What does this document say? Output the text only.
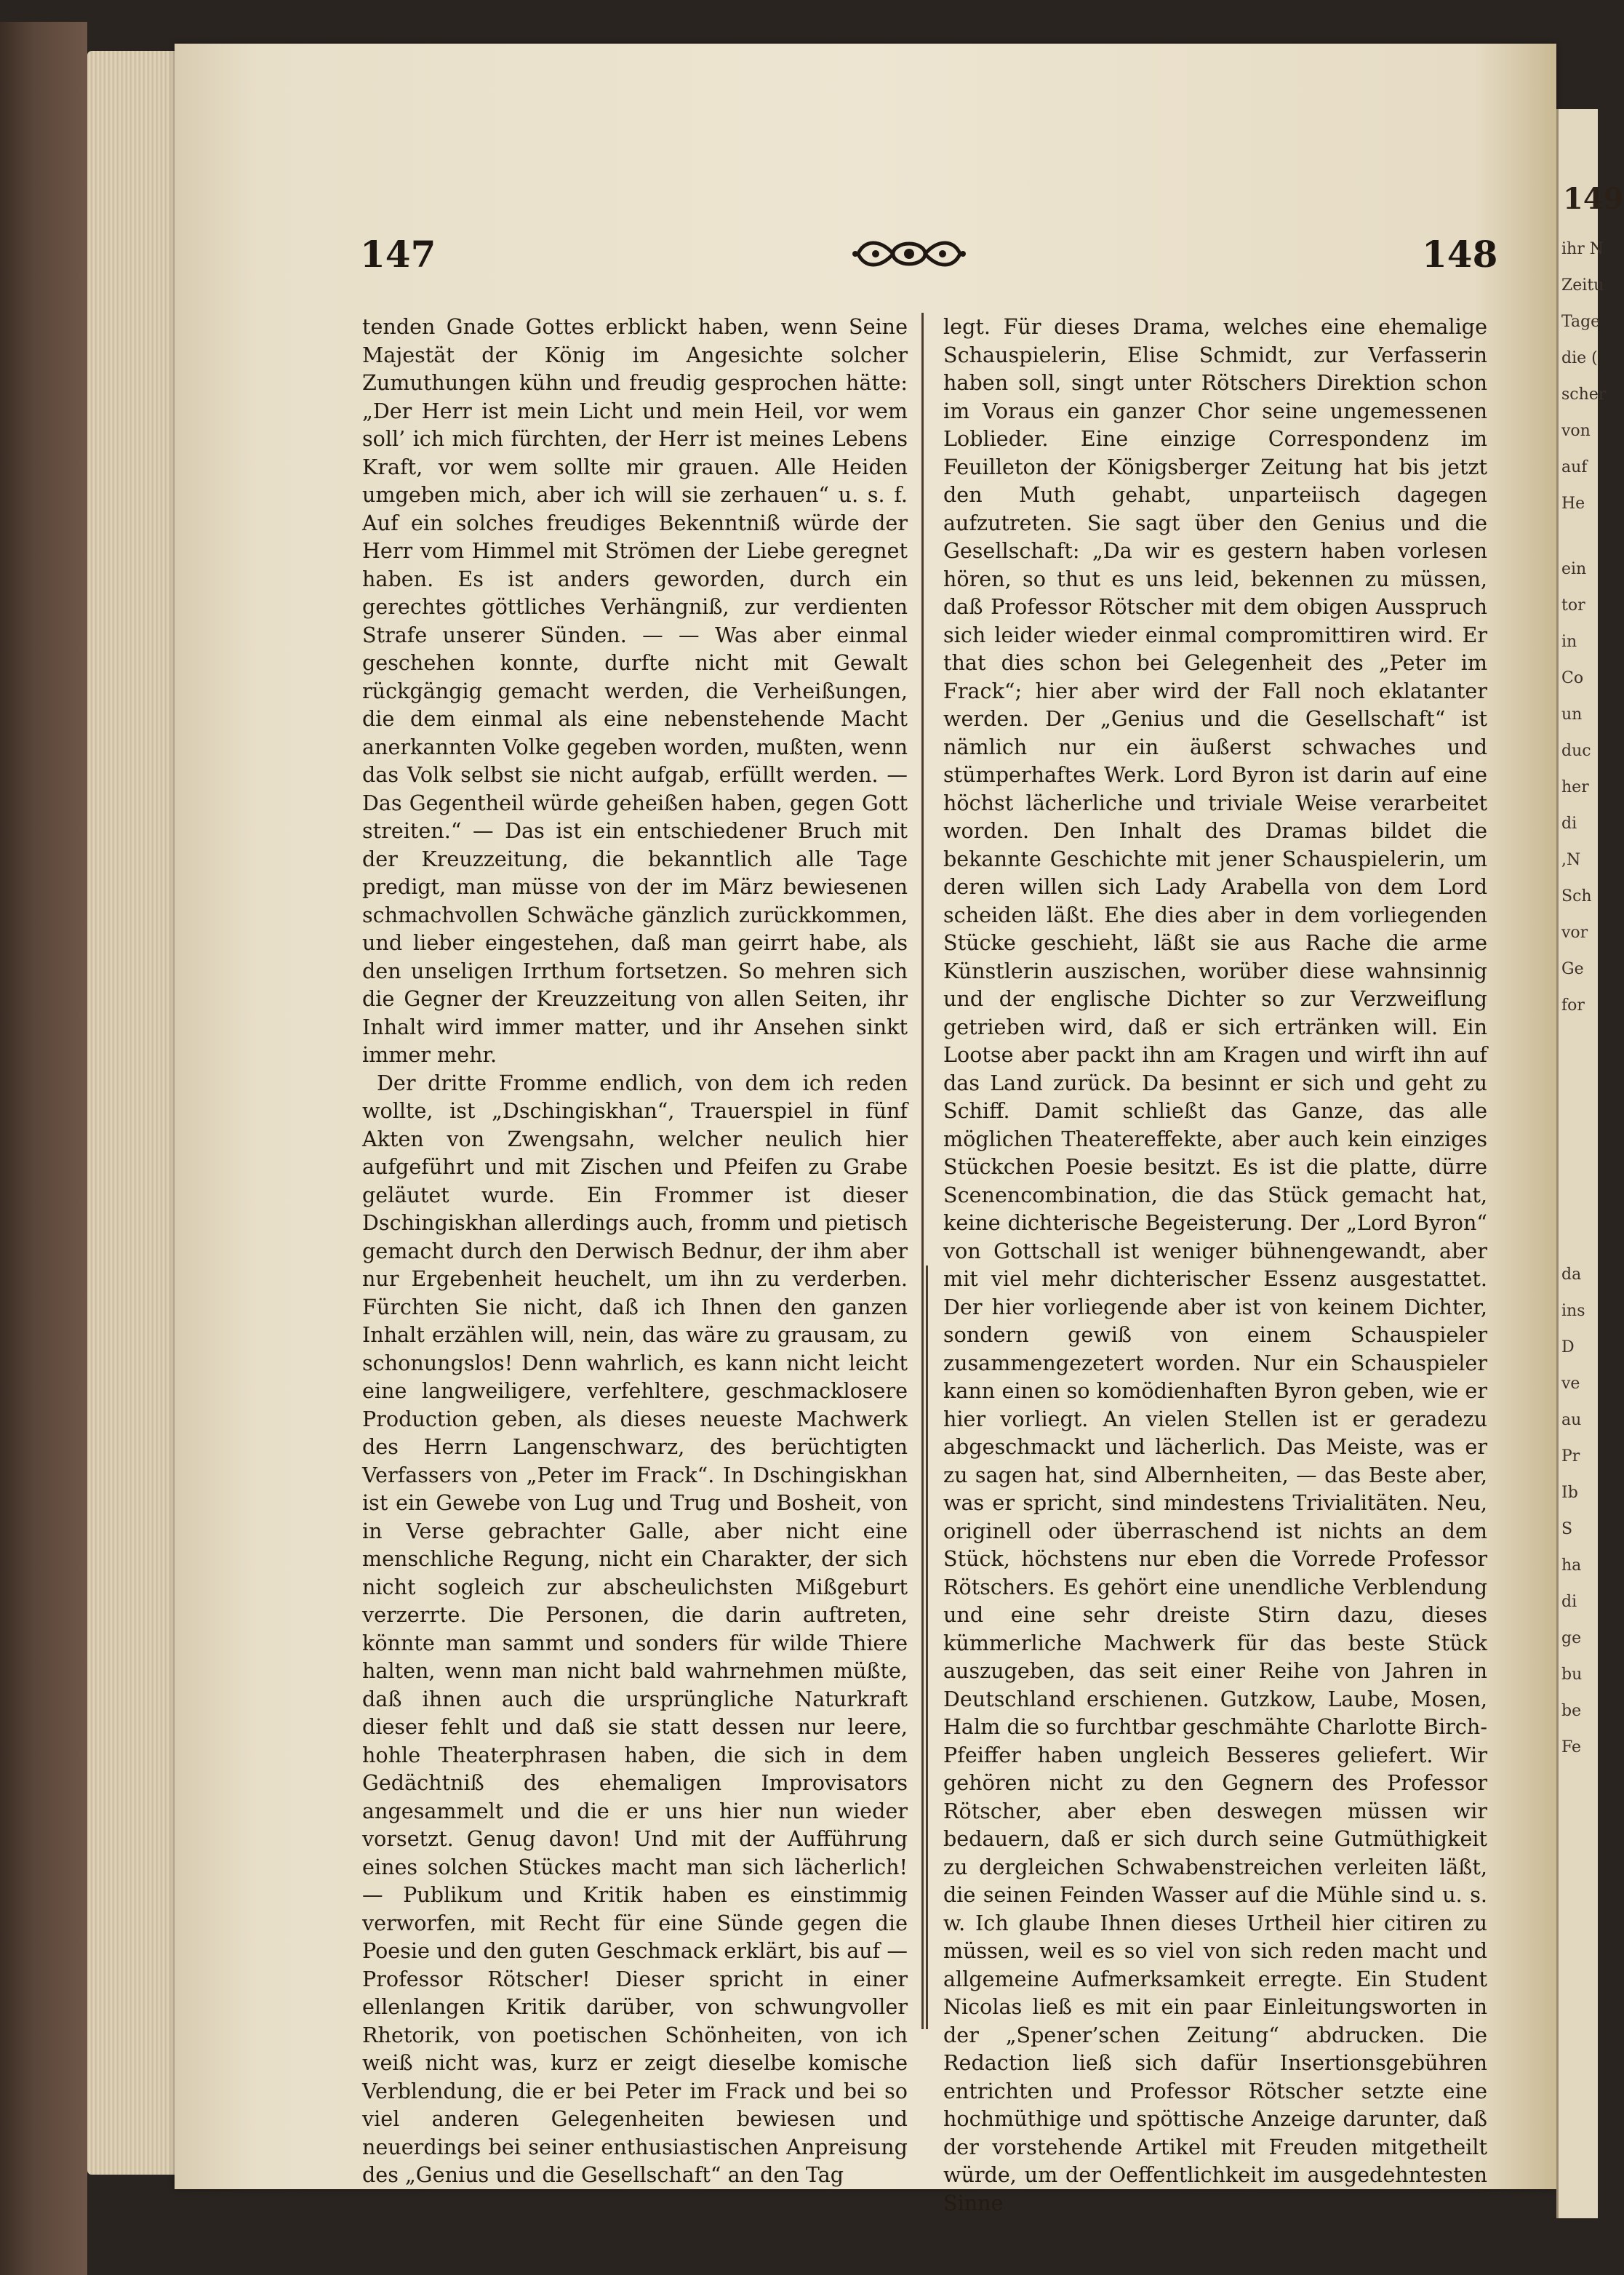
149
ihr N
Zeitu
Tage
die (
scher
von
auf
He
ein
tor
in
Co
un
duc
her
di
,N
Sch
vor
Ge
for
da
ins
D
ve
au
Pr
Ib
S
ha
di
ge
bu
be
Fe
147	148

tenden Gnade Gottes erblickt haben, wenn Seine Majestät der König im Angesichte solcher Zumuthungen kühn und freudig gesprochen hätte: „Der Herr ist mein Licht und mein Heil, vor wem soll’ ich mich fürchten, der Herr ist meines Lebens Kraft, vor wem sollte mir grauen. Alle Heiden umgeben mich, aber ich will sie zerhauen“ u. s. f. Auf ein solches freudiges Bekenntniß würde der Herr vom Himmel mit Strömen der Liebe geregnet haben. Es ist anders geworden, durch ein gerechtes göttliches Verhängniß, zur verdienten Strafe unserer Sünden. — — Was aber einmal geschehen konnte, durfte nicht mit Gewalt rückgängig gemacht werden, die Verheißungen, die dem einmal als eine nebenstehende Macht anerkannten Volke gegeben worden, mußten, wenn das Volk selbst sie nicht aufgab, erfüllt werden. — Das Gegentheil würde geheißen haben, gegen Gott streiten.“ — Das ist ein entschiedener Bruch mit der Kreuzzeitung, die bekanntlich alle Tage predigt, man müsse von der im März bewiesenen schmachvollen Schwäche gänzlich zurückkommen, und lieber eingestehen, daß man geirrt habe, als den unseligen Irrthum fortsetzen. So mehren sich die Gegner der Kreuzzeitung von allen Seiten, ihr Inhalt wird immer matter, und ihr Ansehen sinkt immer mehr.

Der dritte Fromme endlich, von dem ich reden wollte, ist „Dschingiskhan“, Trauerspiel in fünf Akten von Zwengsahn, welcher neulich hier aufgeführt und mit Zischen und Pfeifen zu Grabe geläutet wurde. Ein Frommer ist dieser Dschingiskhan allerdings auch, fromm und pietisch gemacht durch den Derwisch Bednur, der ihm aber nur Ergebenheit heuchelt, um ihn zu verderben. Fürchten Sie nicht, daß ich Ihnen den ganzen Inhalt erzählen will, nein, das wäre zu grausam, zu schonungslos! Denn wahrlich, es kann nicht leicht eine langweiligere, verfehltere, geschmacklosere Production geben, als dieses neueste Machwerk des Herrn Langenschwarz, des berüchtigten Verfassers von „Peter im Frack“. In Dschingiskhan ist ein Gewebe von Lug und Trug und Bosheit, von in Verse gebrachter Galle, aber nicht eine menschliche Regung, nicht ein Charakter, der sich nicht sogleich zur abscheulichsten Mißgeburt verzerrte. Die Personen, die darin auftreten, könnte man sammt und sonders für wilde Thiere halten, wenn man nicht bald wahrnehmen müßte, daß ihnen auch die ursprüngliche Naturkraft dieser fehlt und daß sie statt dessen nur leere, hohle Theaterphrasen haben, die sich in dem Gedächtniß des ehemaligen Improvisators angesammelt und die er uns hier nun wieder vorsetzt. Genug davon! Und mit der Aufführung eines solchen Stückes macht man sich lächerlich! — Publikum und Kritik haben es einstimmig verworfen, mit Recht für eine Sünde gegen die Poesie und den guten Geschmack erklärt, bis auf — Professor Rötscher! Dieser spricht in einer ellenlangen Kritik darüber, von schwungvoller Rhetorik, von poetischen Schönheiten, von ich weiß nicht was, kurz er zeigt dieselbe komische Verblendung, die er bei Peter im Frack und bei so viel anderen Gelegenheiten bewiesen und neuerdings bei seiner enthusiastischen Anpreisung des „Genius und die Gesellschaft“ an den Tag

legt. Für dieses Drama, welches eine ehemalige Schauspielerin, Elise Schmidt, zur Verfasserin haben soll, singt unter Rötschers Direktion schon im Voraus ein ganzer Chor seine ungemessenen Loblieder. Eine einzige Correspondenz im Feuilleton der Königsberger Zeitung hat bis jetzt den Muth gehabt, unparteiisch dagegen aufzutreten. Sie sagt über den Genius und die Gesellschaft: „Da wir es gestern haben vorlesen hören, so thut es uns leid, bekennen zu müssen, daß Professor Rötscher mit dem obigen Ausspruch sich leider wieder einmal compromittiren wird. Er that dies schon bei Gelegenheit des „Peter im Frack“; hier aber wird der Fall noch eklatanter werden. Der „Genius und die Gesellschaft“ ist nämlich nur ein äußerst schwaches und stümperhaftes Werk. Lord Byron ist darin auf eine höchst lächerliche und triviale Weise verarbeitet worden. Den Inhalt des Dramas bildet die bekannte Geschichte mit jener Schauspielerin, um deren willen sich Lady Arabella von dem Lord scheiden läßt. Ehe dies aber in dem vorliegenden Stücke geschieht, läßt sie aus Rache die arme Künstlerin auszischen, worüber diese wahnsinnig und der englische Dichter so zur Verzweiflung getrieben wird, daß er sich ertränken will. Ein Lootse aber packt ihn am Kragen und wirft ihn auf das Land zurück. Da besinnt er sich und geht zu Schiff. Damit schließt das Ganze, das alle möglichen Theatereffekte, aber auch kein einziges Stückchen Poesie besitzt. Es ist die platte, dürre Scenencombination, die das Stück gemacht hat, keine dichterische Begeisterung. Der „Lord Byron“ von Gottschall ist weniger bühnengewandt, aber mit viel mehr dichterischer Essenz ausgestattet. Der hier vorliegende aber ist von keinem Dichter, sondern gewiß von einem Schauspieler zusammengezetert worden. Nur ein Schauspieler kann einen so komödienhaften Byron geben, wie er hier vorliegt. An vielen Stellen ist er geradezu abgeschmackt und lächerlich. Das Meiste, was er zu sagen hat, sind Albernheiten, — das Beste aber, was er spricht, sind mindestens Trivialitäten. Neu, originell oder überraschend ist nichts an dem Stück, höchstens nur eben die Vorrede Professor Rötschers. Es gehört eine unendliche Verblendung und eine sehr dreiste Stirn dazu, dieses kümmerliche Machwerk für das beste Stück auszugeben, das seit einer Reihe von Jahren in Deutschland erschienen. Gutzkow, Laube, Mosen, Halm die so furchtbar geschmähte Charlotte Birch-Pfeiffer haben ungleich Besseres geliefert. Wir gehören nicht zu den Gegnern des Professor Rötscher, aber eben deswegen müssen wir bedauern, daß er sich durch seine Gutmüthigkeit zu dergleichen Schwabenstreichen verleiten läßt, die seinen Feinden Wasser auf die Mühle sind u. s. w. Ich glaube Ihnen dieses Urtheil hier citiren zu müssen, weil es so viel von sich reden macht und allgemeine Aufmerksamkeit erregte. Ein Student Nicolas ließ es mit ein paar Einleitungsworten in der „Spener’schen Zeitung“ abdrucken. Die Redaction ließ sich dafür Insertionsgebühren entrichten und Professor Rötscher setzte eine hochmüthige und spöttische Anzeige darunter, daß der vorstehende Artikel mit Freuden mitgetheilt würde, um der Oeffentlichkeit im ausgedehntesten Sinne
